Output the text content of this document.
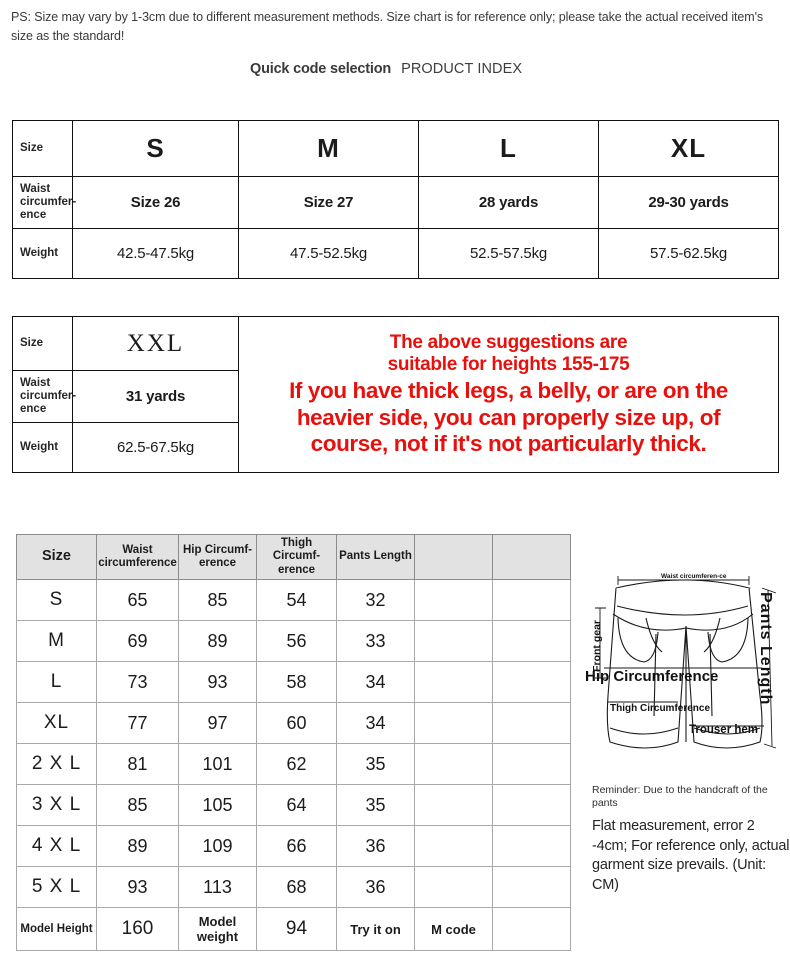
PS: Size may vary by 1-3cm due to different measurement methods. Size chart is for reference only; please take the actual received item's size as the standard!
Quick code selection PRODUCT INDEX
Size	S	M	L	XL
Waist circumfer-ence	Size 26	Size 27	28 yards	29-30 yards
Weight	42.5-47.5kg	47.5-52.5kg	52.5-57.5kg	57.5-62.5kg
Size	XXL	The above suggestions are
suitable for heights 155-175
If you have thick legs, a belly, or are on the
heavier side, you can properly size up, of
course, not if it's not particularly thick.

Waist circumfer-ence	31 yards	
Weight	62.5-67.5kg	
Size	Waist circumference	Hip Circumf-erence	Thigh Circumf-erence	Pants Length		
S	65	85	54	32		
M	69	89	56	33		
L	73	93	58	34		
XL	77	97	60	34		
2 X L	81	101	62	35		
3 X L	85	105	64	35		
4 X L	89	109	66	36		
5 X L	93	113	68	36		
Model Height	160	Model weight	94	Try it on	M code	
Waist circumferen-ce
Front gear
Hip Circumference
Thigh Circumference
Trouser hem
Pants Length
Reminder: Due to the handcraft of the pants
Flat measurement, error 2 -4cm; For reference only, actual garment size prevails. (Unit: CM)
